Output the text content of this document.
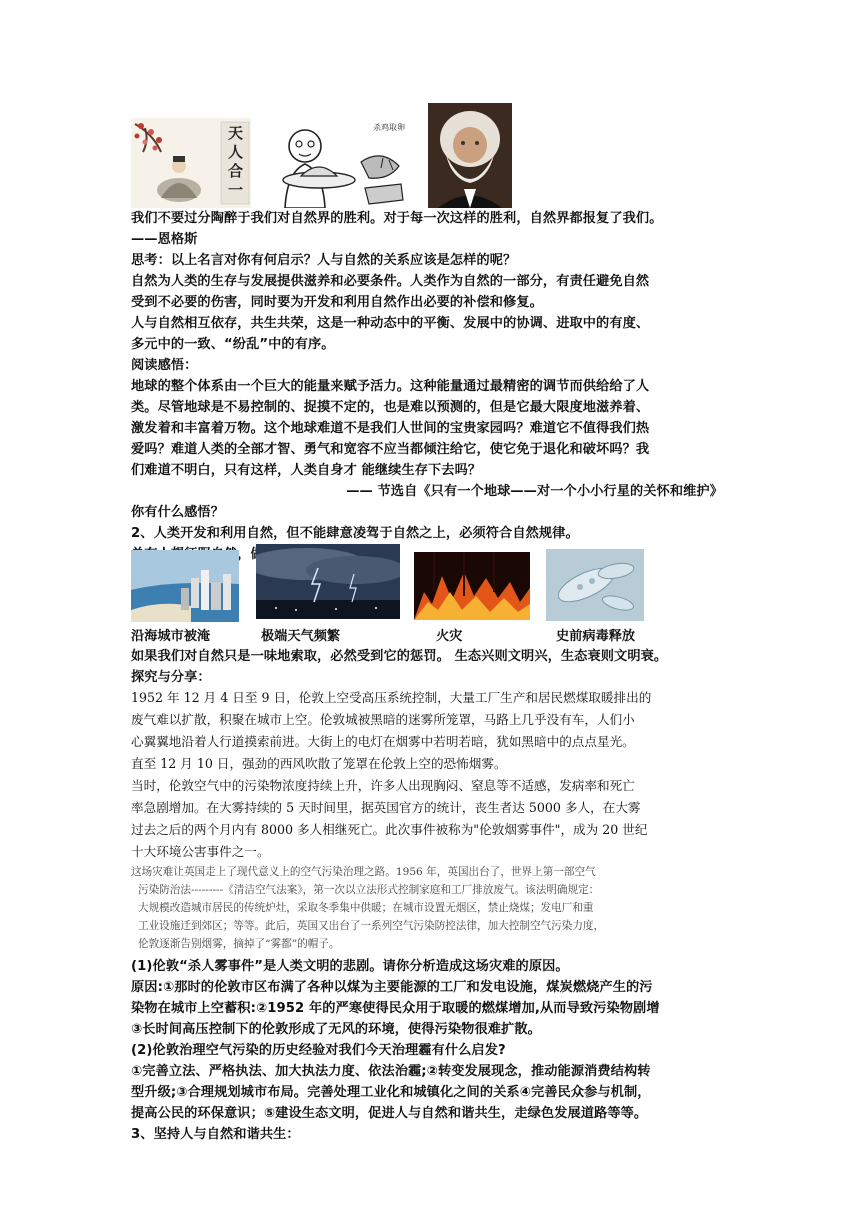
天人合一
杀鸡取卵
我们不要过分陶醉于我们对自然界的胜利。对于每一次这样的胜利，自然界都报复了我们。
——恩格斯
思考：以上名言对你有何启示？人与自然的关系应该是怎样的呢？
自然为人类的生存与发展提供滋养和必要条件。人类作为自然的一部分，有责任避免自然
受到不必要的伤害，同时要为开发和利用自然作出必要的补偿和修复。
人与自然相互依存，共生共荣，这是一种动态中的平衡、发展中的协调、进取中的有度、
多元中的一致、“纷乱”中的有序。
阅读感悟：
地球的整个体系由一个巨大的能量来赋予活力。这种能量通过最精密的调节而供给给了人
类。尽管地球是不易控制的、捉摸不定的，也是难以预测的，但是它最大限度地滋养着、
激发着和丰富着万物。这个地球难道不是我们人世间的宝贵家园吗？难道它不值得我们热
爱吗？难道人类的全部才智、勇气和宽容不应当都倾注给它，使它免于退化和破坏吗？我
们难道不明白，只有这样，人类自身才 能继续生存下去吗？
—— 节选自《只有一个地球——对一个小小行星的关怀和维护》
你有什么感悟？
2、人类开发和利用自然，但不能肆意凌驾于自然之上，必须符合自然规律。
沿海城市被淹	极端天气频繁	火灾	史前病毒释放
如果我们对自然只是一味地索取，必然受到它的惩罚。 生态兴则文明兴，生态衰则文明衰。
探究与分享：
1952 年 12 月 4 日至 9 日，伦敦上空受高压系统控制，大量工厂生产和居民燃煤取暖排出的
废气难以扩散，积聚在城市上空。伦敦城被黑暗的迷雾所笼罩，马路上几乎没有车，人们小
心翼翼地沿着人行道摸索前进。大街上的电灯在烟雾中若明若暗，犹如黑暗中的点点星光。
直至 12 月 10 日，强劲的西风吹散了笼罩在伦敦上空的恐怖烟雾。
当时，伦敦空气中的污染物浓度持续上升，许多人出现胸闷、窒息等不适感，发病率和死亡
率急剧增加。在大雾持续的 5 天时间里，据英国官方的统计，丧生者达 5000 多人，在大雾
过去之后的两个月内有 8000 多人相继死亡。此次事件被称为"伦敦烟雾事件"，成为 20 世纪
十大环境公害事件之一。
这场灾难让英国走上了现代意义上的空气污染治理之路。1956 年，英国出台了，世界上第一部空气
污染防治法---------《清洁空气法案》，第一次以立法形式控制家庭和工厂排放废气。该法明确规定：
大规模改造城市居民的传统炉灶，采取冬季集中供暖；在城市设置无烟区，禁止烧煤；发电厂和重
工业设施迁到郊区；等等。此后，英国又出台了一系列空气污染防控法律，加大控制空气污染力度，
伦敦逐渐告别烟雾，摘掉了“雾都”的帽子。
(1)伦敦“杀人雾事件”是人类文明的悲剧。请你分析造成这场灾难的原因。
原因:①那时的伦敦市区布满了各种以煤为主要能源的工厂和发电设施，煤炭燃烧产生的污
染物在城市上空蓄积:②1952 年的严寒使得民众用于取暖的燃煤增加,从而导致污染物剧增
③长时间高压控制下的伦敦形成了无风的环境，使得污染物很难扩散。
(2)伦敦治理空气污染的历史经验对我们今天治理霾有什么启发?
①完善立法、严格执法、加大执法力度、依法治霾;②转变发展现念，推动能源消费结构转
型升级;③合理规划城市布局。完善处理工业化和城镇化之间的关系④完善民众参与机制，
提高公民的环保意识；⑤建设生态文明，促进人与自然和谐共生，走绿色发展道路等等。
3、坚持人与自然和谐共生：
